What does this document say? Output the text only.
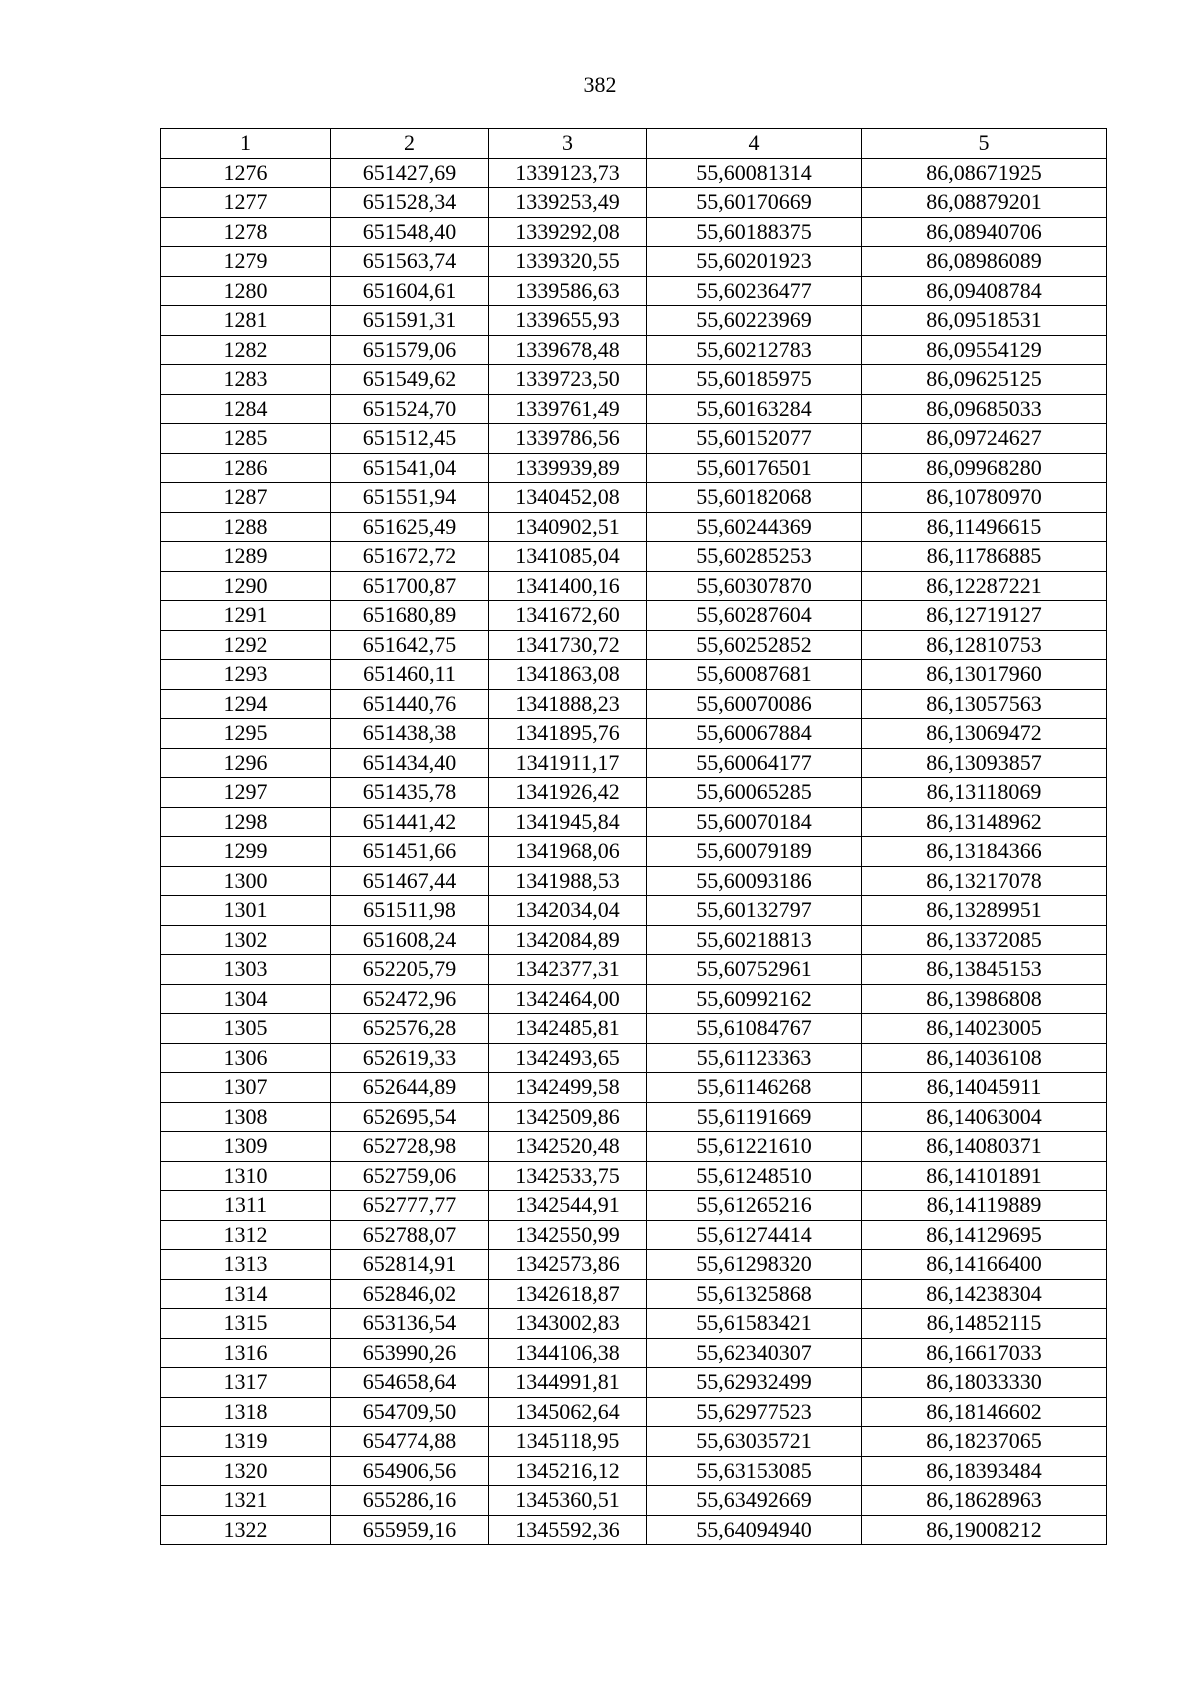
382
1	2	3	4	5
1276	651427,69	1339123,73	55,60081314	86,08671925
1277	651528,34	1339253,49	55,60170669	86,08879201
1278	651548,40	1339292,08	55,60188375	86,08940706
1279	651563,74	1339320,55	55,60201923	86,08986089
1280	651604,61	1339586,63	55,60236477	86,09408784
1281	651591,31	1339655,93	55,60223969	86,09518531
1282	651579,06	1339678,48	55,60212783	86,09554129
1283	651549,62	1339723,50	55,60185975	86,09625125
1284	651524,70	1339761,49	55,60163284	86,09685033
1285	651512,45	1339786,56	55,60152077	86,09724627
1286	651541,04	1339939,89	55,60176501	86,09968280
1287	651551,94	1340452,08	55,60182068	86,10780970
1288	651625,49	1340902,51	55,60244369	86,11496615
1289	651672,72	1341085,04	55,60285253	86,11786885
1290	651700,87	1341400,16	55,60307870	86,12287221
1291	651680,89	1341672,60	55,60287604	86,12719127
1292	651642,75	1341730,72	55,60252852	86,12810753
1293	651460,11	1341863,08	55,60087681	86,13017960
1294	651440,76	1341888,23	55,60070086	86,13057563
1295	651438,38	1341895,76	55,60067884	86,13069472
1296	651434,40	1341911,17	55,60064177	86,13093857
1297	651435,78	1341926,42	55,60065285	86,13118069
1298	651441,42	1341945,84	55,60070184	86,13148962
1299	651451,66	1341968,06	55,60079189	86,13184366
1300	651467,44	1341988,53	55,60093186	86,13217078
1301	651511,98	1342034,04	55,60132797	86,13289951
1302	651608,24	1342084,89	55,60218813	86,13372085
1303	652205,79	1342377,31	55,60752961	86,13845153
1304	652472,96	1342464,00	55,60992162	86,13986808
1305	652576,28	1342485,81	55,61084767	86,14023005
1306	652619,33	1342493,65	55,61123363	86,14036108
1307	652644,89	1342499,58	55,61146268	86,14045911
1308	652695,54	1342509,86	55,61191669	86,14063004
1309	652728,98	1342520,48	55,61221610	86,14080371
1310	652759,06	1342533,75	55,61248510	86,14101891
1311	652777,77	1342544,91	55,61265216	86,14119889
1312	652788,07	1342550,99	55,61274414	86,14129695
1313	652814,91	1342573,86	55,61298320	86,14166400
1314	652846,02	1342618,87	55,61325868	86,14238304
1315	653136,54	1343002,83	55,61583421	86,14852115
1316	653990,26	1344106,38	55,62340307	86,16617033
1317	654658,64	1344991,81	55,62932499	86,18033330
1318	654709,50	1345062,64	55,62977523	86,18146602
1319	654774,88	1345118,95	55,63035721	86,18237065
1320	654906,56	1345216,12	55,63153085	86,18393484
1321	655286,16	1345360,51	55,63492669	86,18628963
1322	655959,16	1345592,36	55,64094940	86,19008212
